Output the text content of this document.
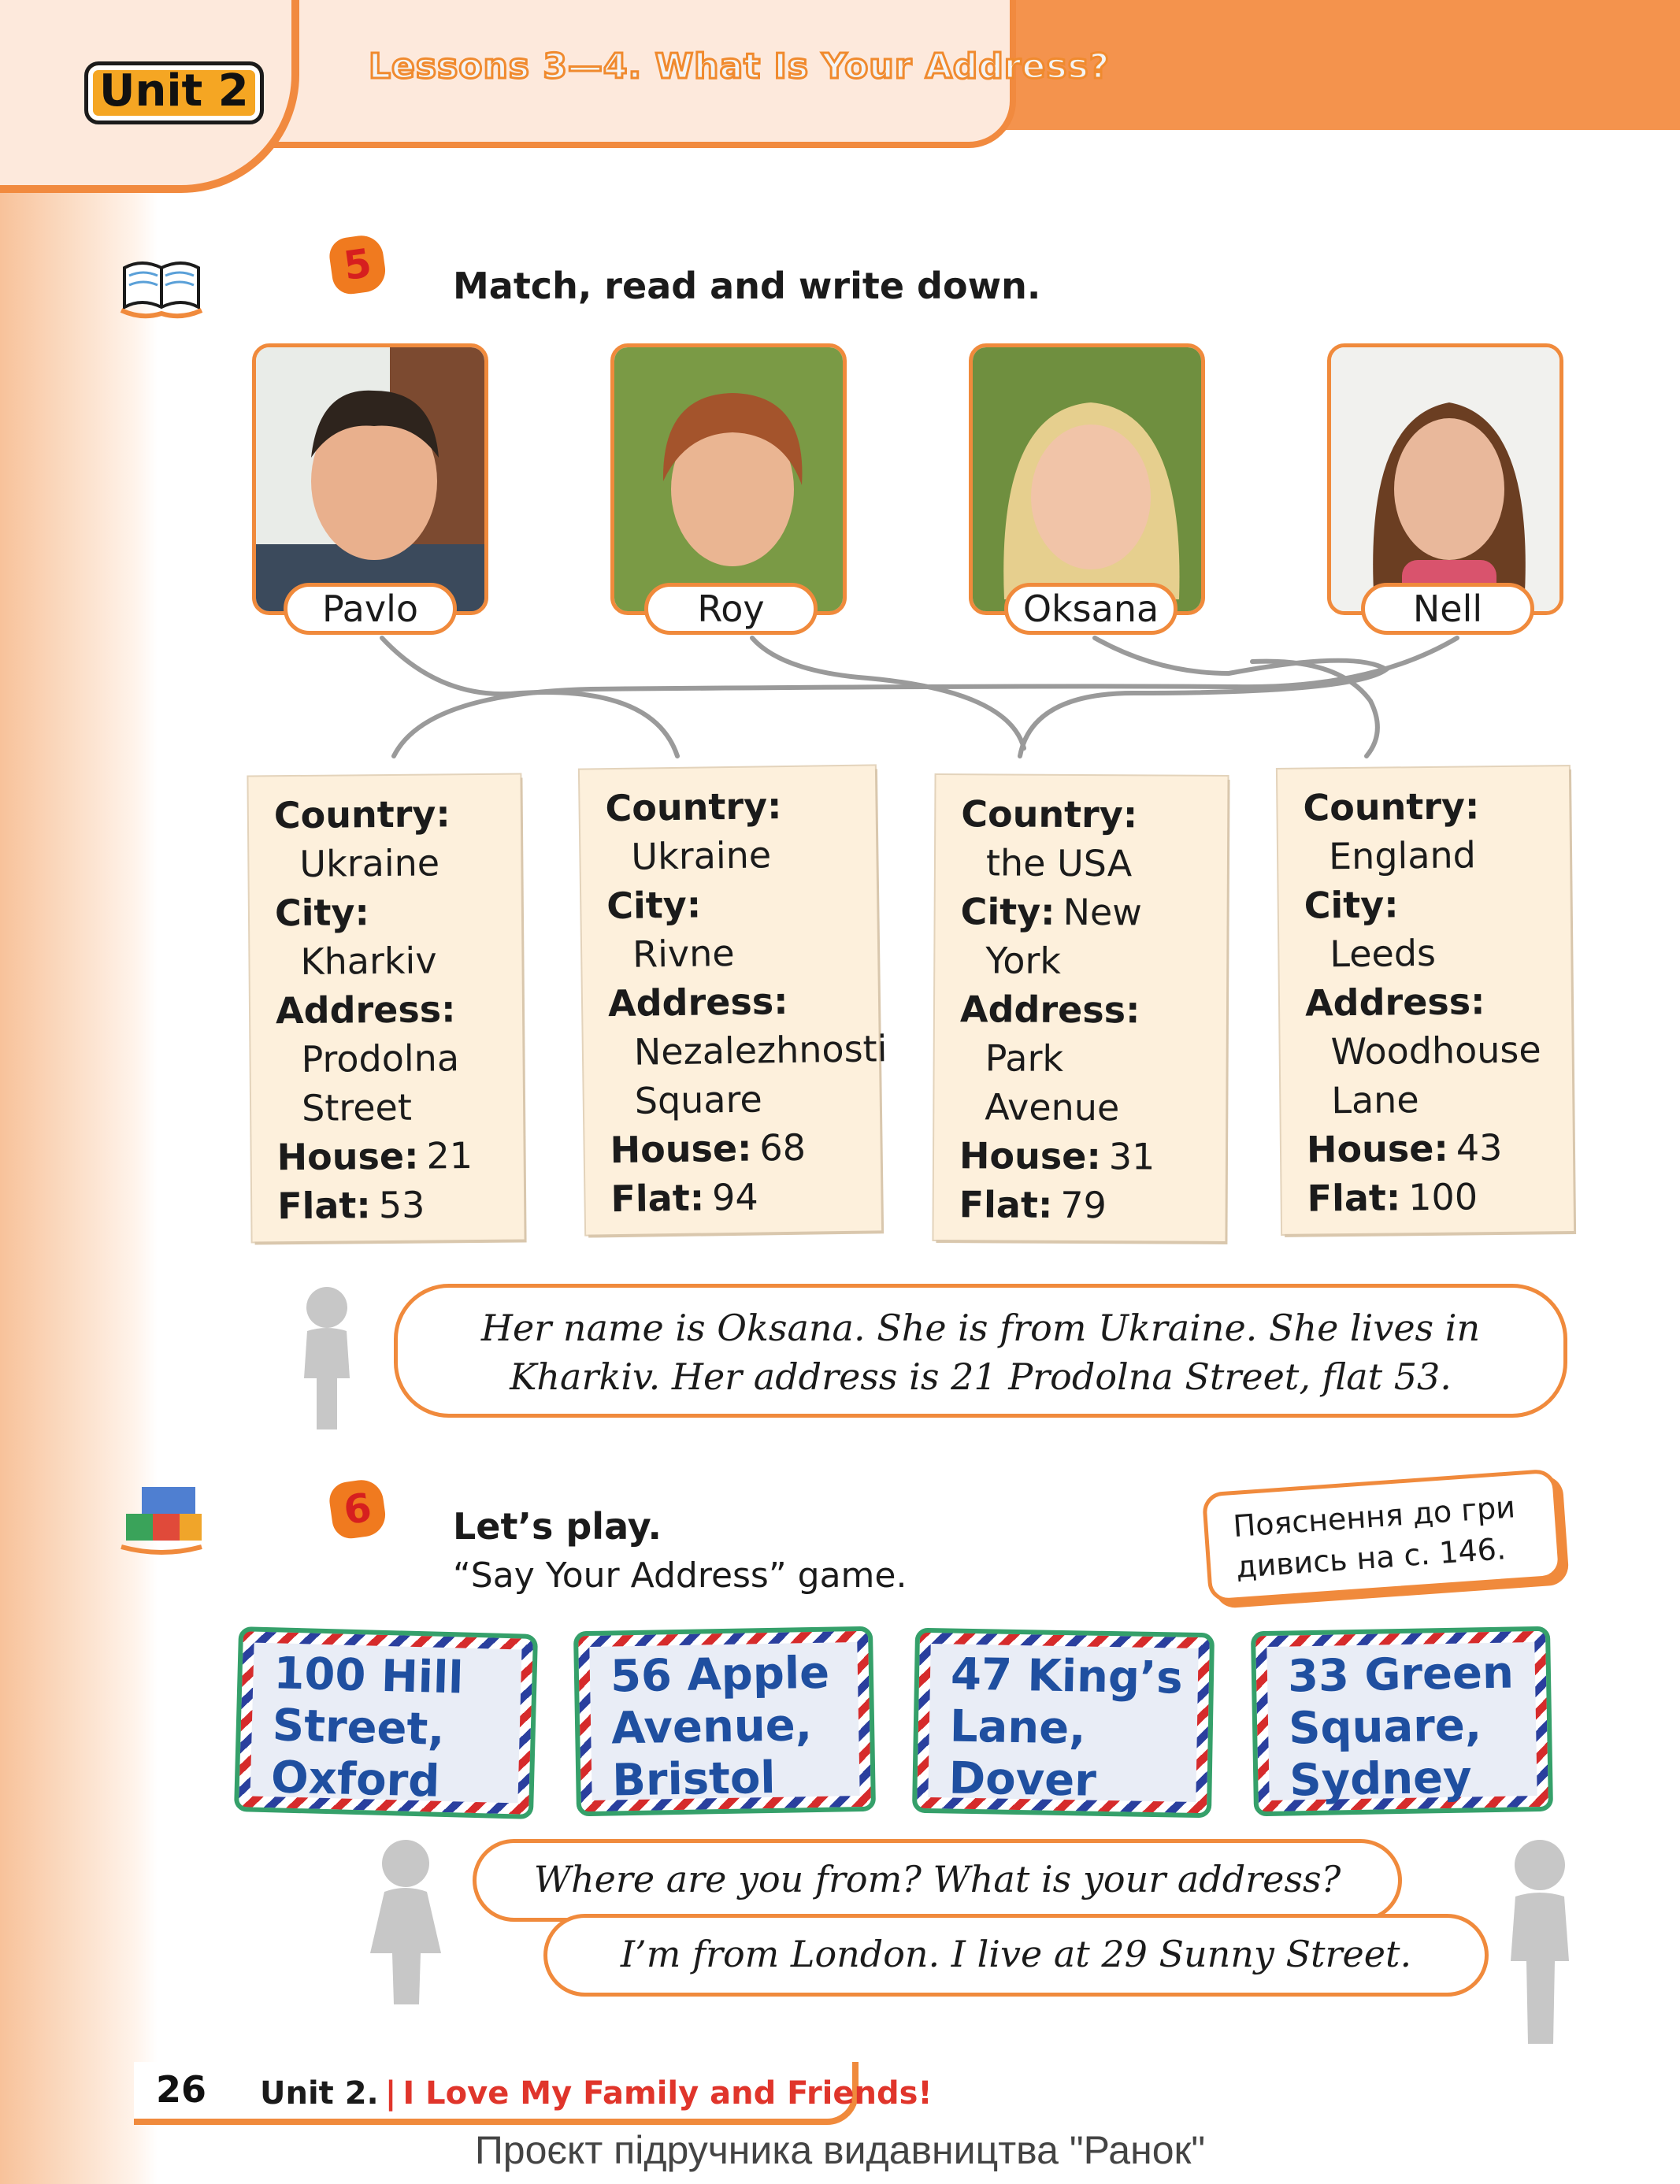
Unit 2	Lessons 3—4. What Is Your Address?
5	Match, read and write down.
Pavlo	Roy	Oksana	Nell
Country:
Ukraine
City:
Kharkiv
Address:
Prodolna
Street
House: 21
Flat: 53
Country:
Ukraine
City:
Rivne
Address:
Nezalezhnosti
Square
House: 68
Flat: 94
Country:
the USA
City: New
York
Address:
Park
Avenue
House: 31
Flat: 79
Country:
England
City:
Leeds
Address:
Woodhouse
Lane
House: 43
Flat: 100
Her name is Oksana. She is from Ukraine. She lives in
Kharkiv. Her address is 21 Prodolna Street, flat 53.
6	Let’s play.
“Say Your Address” game.
Пояснення до гри
дивись на с. 146.
100 Hill
Street,
Oxford
56 Apple
Avenue,
Bristol
47 King’s
Lane,
Dover
33 Green
Square,
Sydney
Where are you from? What is your address?
I’m from London. I live at 29 Sunny Street.
26 Unit 2. | I Love My Family and Friends!
Проєкт підручника видавництва "Ранок"
